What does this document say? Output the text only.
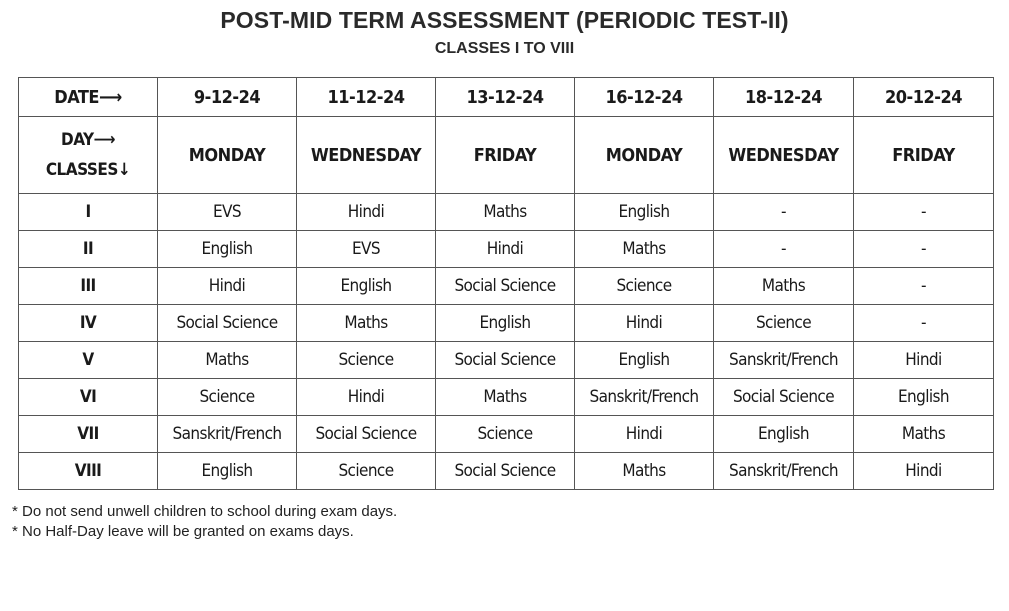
POST-MID TERM ASSESSMENT (PERIODIC TEST-II)
CLASSES I TO VIII
DATE⟶	9-12-24	11-12-24	13-12-24	16-12-24	18-12-24	20-12-24

DAY⟶
CLASSES↓	MONDAY	WEDNESDAY	FRIDAY	MONDAY	WEDNESDAY	FRIDAY
I	EVS	Hindi	Maths	English	-	-
II	English	EVS	Hindi	Maths	-	-
III	Hindi	English	Social Science	Science	Maths	-
IV	Social Science	Maths	English	Hindi	Science	-
V	Maths	Science	Social Science	English	Sanskrit/French	Hindi
VI	Science	Hindi	Maths	Sanskrit/French	Social Science	English
VII	Sanskrit/French	Social Science	Science	Hindi	English	Maths
VIII	English	Science	Social Science	Maths	Sanskrit/French	Hindi
* Do not send unwell children to school during exam days.
* No Half-Day leave will be granted on exams days.
